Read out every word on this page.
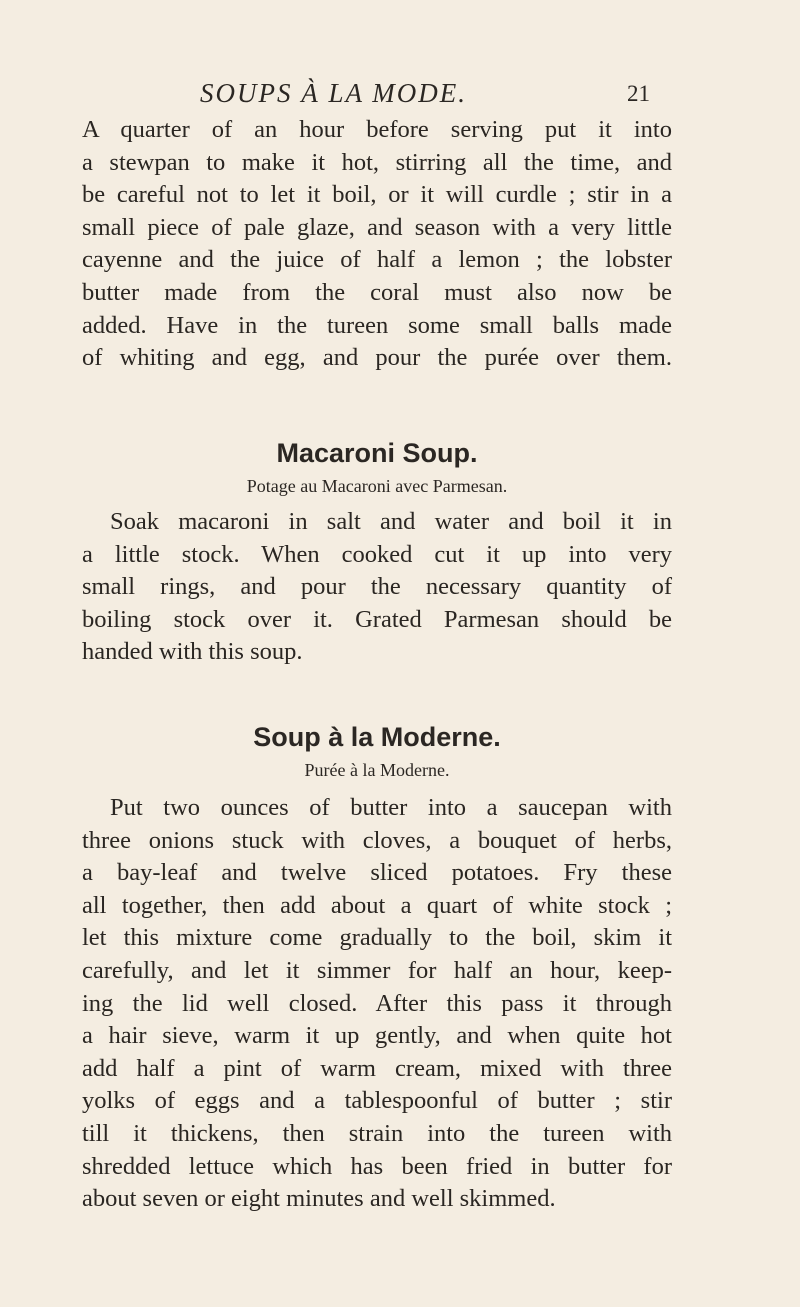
SOUPS À LA MODE.	21
A quarter of an hour before serving put it into
a stewpan to make it hot, stirring all the time, and
be careful not to let it boil, or it will curdle ; stir in a
small piece of pale glaze, and season with a very little
cayenne and the juice of half a lemon ; the lobster
butter made from the coral must also now be
added. Have in the tureen some small balls made
of whiting and egg, and pour the purée over them.
Macaroni Soup.
Potage au Macaroni avec Parmesan.
Soak macaroni in salt and water and boil it in
a little stock. When cooked cut it up into very
small rings, and pour the necessary quantity of
boiling stock over it. Grated Parmesan should be
handed with this soup.
Soup à la Moderne.
Purée à la Moderne.
Put two ounces of butter into a saucepan with
three onions stuck with cloves, a bouquet of herbs,
a bay-leaf and twelve sliced potatoes. Fry these
all together, then add about a quart of white stock ;
let this mixture come gradually to the boil, skim it
carefully, and let it simmer for half an hour, keep-
ing the lid well closed. After this pass it through
a hair sieve, warm it up gently, and when quite hot
add half a pint of warm cream, mixed with three
yolks of eggs and a tablespoonful of butter ; stir
till it thickens, then strain into the tureen with
shredded lettuce which has been fried in butter for
about seven or eight minutes and well skimmed.
